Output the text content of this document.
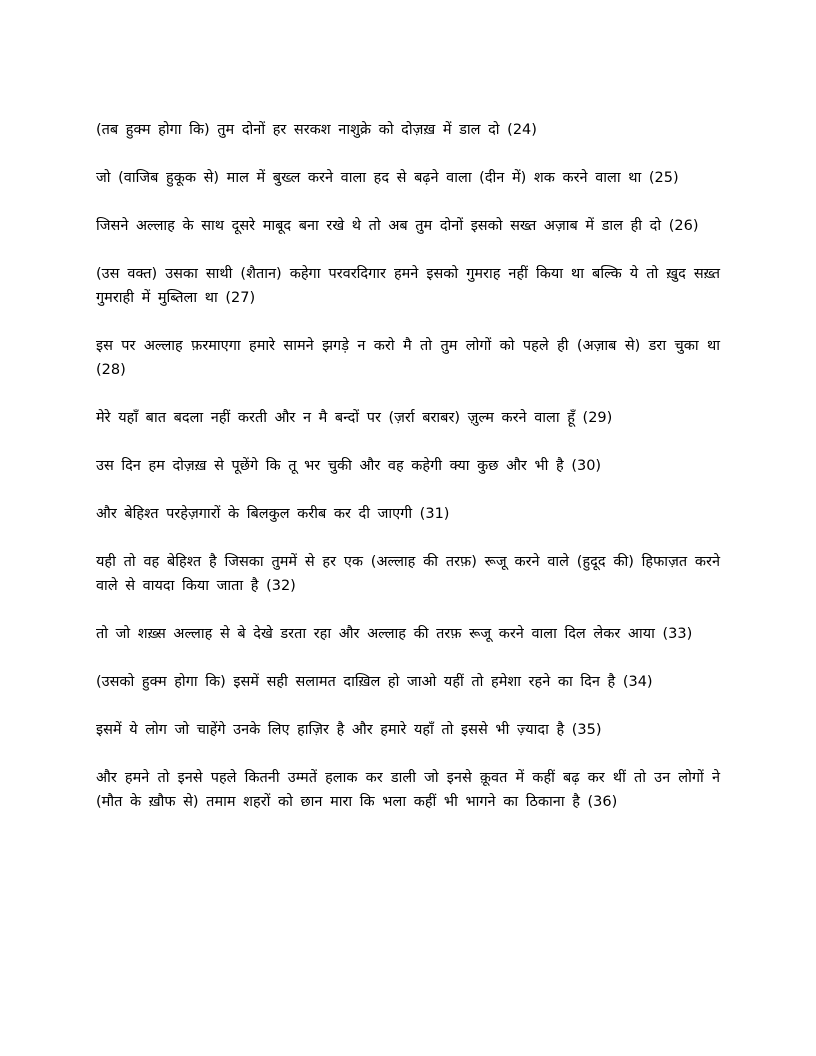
(तब हुक्म होगा कि) तुम दोनों हर सरकश नाशुक्रे को दोज़ख़ में डाल दो (24)

जो (वाजिब हुकूक से) माल में बुख्ल करने वाला हद से बढ़ने वाला (दीन में) शक करने वाला था (25)

जिसने अल्लाह के साथ दूसरे माबूद बना रखे थे तो अब तुम दोनों इसको सख्त अज़ाब में डाल ही दो (26)

(उस वक्त) उसका साथी (शैतान) कहेगा परवरदिगार हमने इसको गुमराह नहीं किया था बल्कि ये तो ख़ुद सख़्त गुमराही में मुब्तिला था (27)

इस पर अल्लाह फ़रमाएगा हमारे सामने झगडे़ न करो मै तो तुम लोगों को पहले ही (अज़ाब से) डरा चुका था (28)

मेरे यहाँ बात बदला नहीं करती और न मै बन्दों पर (ज़र्रा बराबर) ज़ुल्म करने वाला हूँ (29)

उस दिन हम दोज़ख़ से पूछेंगे कि तू भर चुकी और वह कहेगी क्या कुछ और भी है (30)

और बेहिश्त परहेज़गारों के बिलकुल करीब कर दी जाएगी (31)

यही तो वह बेहिश्त है जिसका तुममें से हर एक (अल्लाह की तरफ़) रूजू करने वाले (हुदूद की) हिफाज़त करने वाले से वायदा किया जाता है (32)

तो जो शख़्स अल्लाह से बे देखे डरता रहा और अल्लाह की तरफ़ रूजू करने वाला दिल लेकर आया (33)

(उसको हुक्म होगा कि) इसमें सही सलामत दाख़िल हो जाओ यहीं तो हमेशा रहने का दिन है (34)

इसमें ये लोग जो चाहेंगे उनके लिए हाज़िर है और हमारे यहाँ तो इससे भी ज़्यादा है (35)

और हमने तो इनसे पहले कितनी उम्मतें हलाक कर डाली जो इनसे कू़वत में कहीं बढ़ कर थीं तो उन लोगों ने (मौत के ख़ौफ से) तमाम शहरों को छान मारा कि भला कहीं भी भागने का ठिकाना है (36)
